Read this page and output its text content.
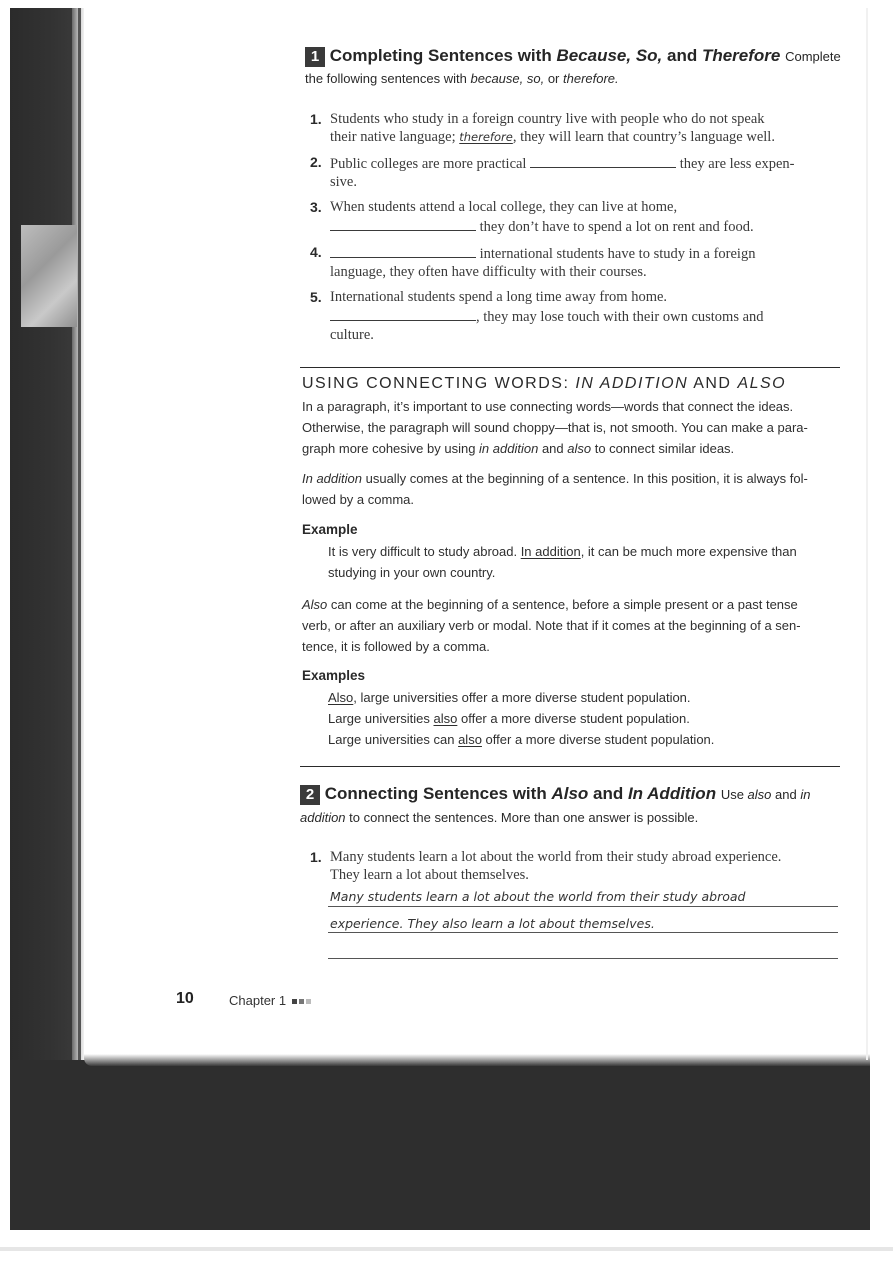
1 Completing Sentences with Because, So, and Therefore Complete
the following sentences with because, so, or therefore.
1. Students who study in a foreign country live with people who do not speak
their native language; therefore, they will learn that country’s language well.
2. Public colleges are more practical	they are less expen-
sive.
3. When students attend a local college, they can live at home,
they don’t have to spend a lot on rent and food.
4.	international students have to study in a foreign
language, they often have difficulty with their courses.
5. International students spend a long time away from home.
, they may lose touch with their own customs and
culture.
USING CONNECTING WORDS: IN ADDITION AND ALSO
In a paragraph, it’s important to use connecting words—words that connect the ideas.
Otherwise, the paragraph will sound choppy—that is, not smooth. You can make a para-
graph more cohesive by using in addition and also to connect similar ideas.
In addition usually comes at the beginning of a sentence. In this position, it is always fol-
lowed by a comma.
Example
It is very difficult to study abroad. In addition, it can be much more expensive than
studying in your own country.
Also can come at the beginning of a sentence, before a simple present or a past tense
verb, or after an auxiliary verb or modal. Note that if it comes at the beginning of a sen-
tence, it is followed by a comma.
Examples
Also, large universities offer a more diverse student population.
Large universities also offer a more diverse student population.
Large universities can also offer a more diverse student population.
2 Connecting Sentences with Also and In Addition Use also and in
addition to connect the sentences. More than one answer is possible.
1. Many students learn a lot about the world from their study abroad experience.
They learn a lot about themselves.
Many students learn a lot about the world from their study abroad
experience. They also learn a lot about themselves.
10	Chapter 1
